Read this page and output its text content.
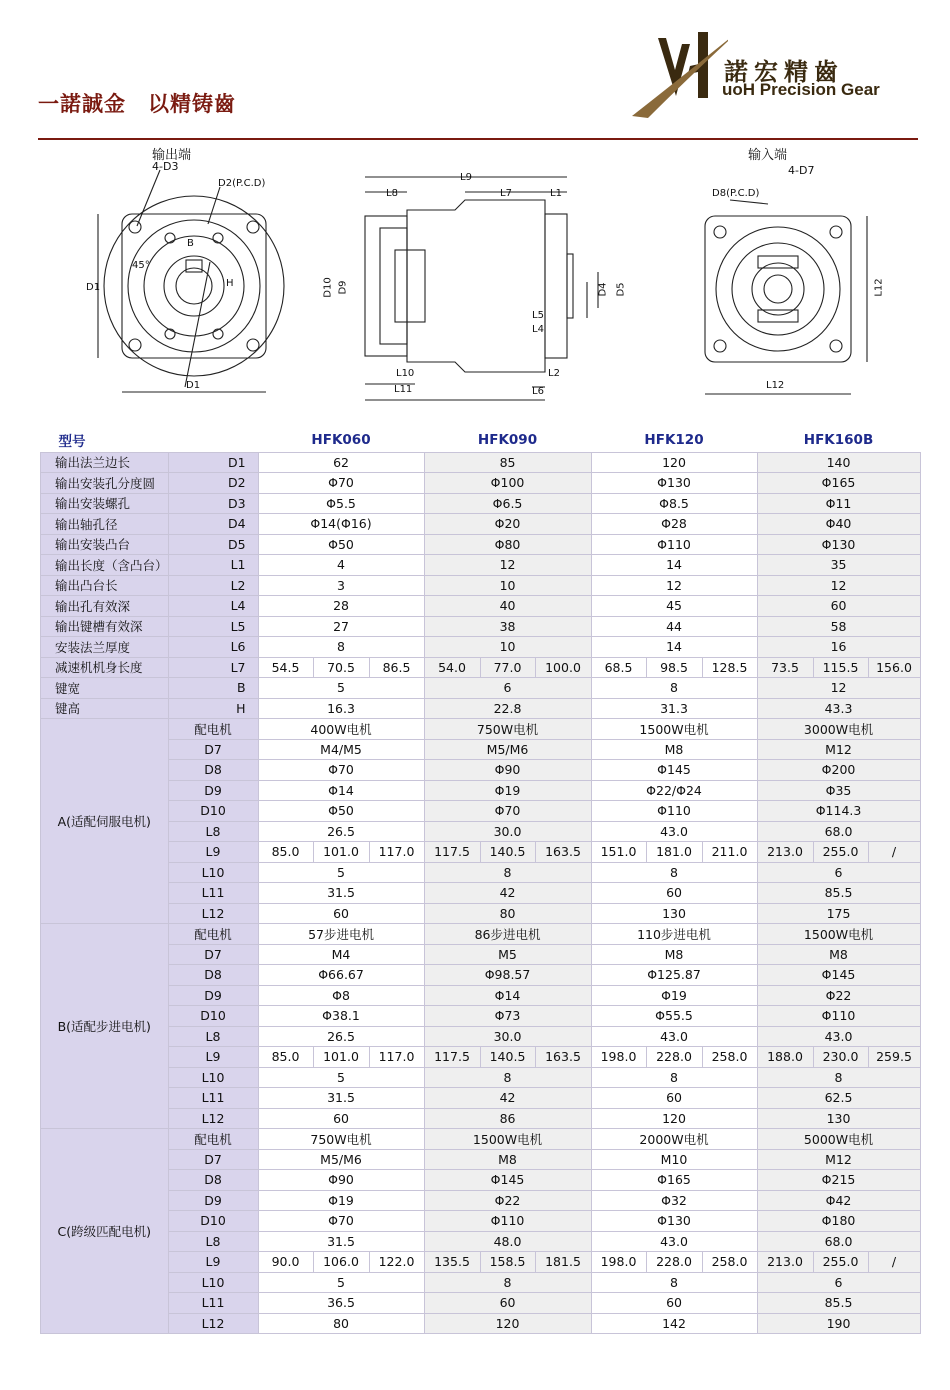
一諾誠金　以精铸齒
諾宏精齒
uoH Precision Gear
输出端	输入端
4-D3
D2(P.C.D)
D1
D1
B
H
45°
L9
L8	L7	L1
L10
L11
L2
L6
L5
L4
D10 D9	D4 D5
D8(P.C.D)
4-D7
L12
L12
型号		HFK060			HFK090			HFK120			HFK160B		
输出法兰边长	D1	62			85			120			140		
输出安装孔分度圆	D2	Φ70			Φ100			Φ130			Φ165		
输出安装螺孔	D3	Φ5.5			Φ6.5			Φ8.5			Φ11		
输出轴孔径	D4	Φ14(Φ16)			Φ20			Φ28			Φ40		
输出安装凸台	D5	Φ50			Φ80			Φ110			Φ130		
输出长度（含凸台）	L1	4			12			14			35		
输出凸台长	L2	3			10			12			12		
输出孔有效深	L4	28			40			45			60		
输出键槽有效深	L5	27			38			44			58		
安装法兰厚度	L6	8			10			14			16		
减速机机身长度	L7	54.5	70.5	86.5	54.0	77.0	100.0	68.5	98.5	128.5	73.5	115.5	156.0
键宽	B	5			6			8			12		
键高	H	16.3			22.8			31.3			43.3		
A(适配伺服电机)	配电机	400W电机			750W电机			1500W电机			3000W电机		
	D7	M4/M5			M5/M6			M8			M12		
	D8	Φ70			Φ90			Φ145			Φ200		
	D9	Φ14			Φ19			Φ22/Φ24			Φ35		
	D10	Φ50			Φ70			Φ110			Φ114.3		
	L8	26.5			30.0			43.0			68.0		
	L9	85.0	101.0	117.0	117.5	140.5	163.5	151.0	181.0	211.0	213.0	255.0	/
	L10	5			8			8			6		
	L11	31.5			42			60			85.5		
	L12	60			80			130			175		
B(适配步进电机)	配电机	57步进电机			86步进电机			110步进电机			1500W电机		
	D7	M4			M5			M8			M8		
	D8	Φ66.67			Φ98.57			Φ125.87			Φ145		
	D9	Φ8			Φ14			Φ19			Φ22		
	D10	Φ38.1			Φ73			Φ55.5			Φ110		
	L8	26.5			30.0			43.0			43.0		
	L9	85.0	101.0	117.0	117.5	140.5	163.5	198.0	228.0	258.0	188.0	230.0	259.5
	L10	5			8			8			8		
	L11	31.5			42			60			62.5		
	L12	60			86			120			130		
C(跨级匹配电机)	配电机	750W电机			1500W电机			2000W电机			5000W电机		
	D7	M5/M6			M8			M10			M12		
	D8	Φ90			Φ145			Φ165			Φ215		
	D9	Φ19			Φ22			Φ32			Φ42		
	D10	Φ70			Φ110			Φ130			Φ180		
	L8	31.5			48.0			43.0			68.0		
	L9	90.0	106.0	122.0	135.5	158.5	181.5	198.0	228.0	258.0	213.0	255.0	/
	L10	5			8			8			6		
	L11	36.5			60			60			85.5		
	L12	80			120			142			190		
